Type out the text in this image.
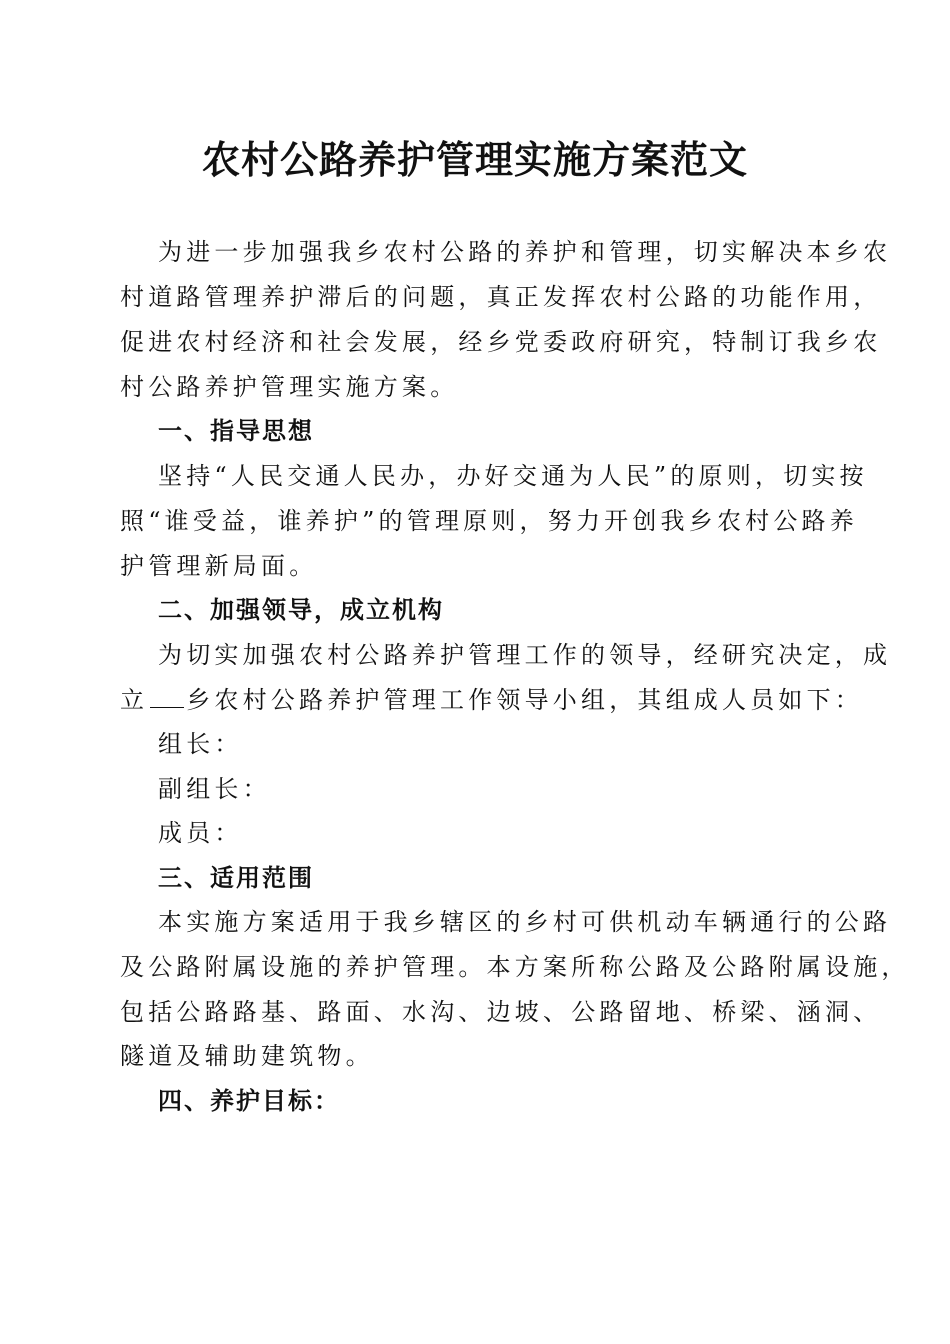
农村公路养护管理实施方案范文

为进一步加强我乡农村公路的养护和管理，切实解决本乡农

村道路管理养护滞后的问题，真正发挥农村公路的功能作用，

促进农村经济和社会发展，经乡党委政府研究，特制订我乡农

村公路养护管理实施方案。

一、指导思想

坚持“人民交通人民办，办好交通为人民”的原则，切实按

照“谁受益，谁养护”的管理原则，努力开创我乡农村公路养

护管理新局面。

二、加强领导，成立机构

为切实加强农村公路养护管理工作的领导，经研究决定，成

立 乡农村公路养护管理工作领导小组，其组成人员如下：

组长：

副组长：

成员：

三、适用范围

本实施方案适用于我乡辖区的乡村可供机动车辆通行的公路

及公路附属设施的养护管理。本方案所称公路及公路附属设施，

包括公路路基、路面、水沟、边坡、公路留地、桥梁、涵洞、

隧道及辅助建筑物。

四、养护目标：
